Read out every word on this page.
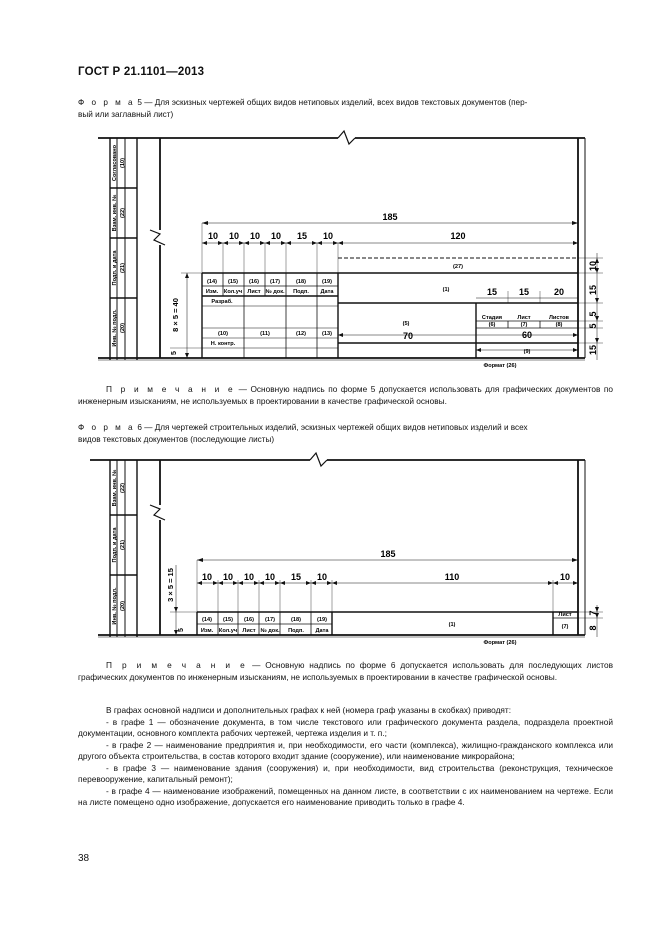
ГОСТ Р 21.1101—2013
Ф о р м а 5 — Для эскизных чертежей общих видов нетиповых изделий, всех видов текстовых документов (пер-
вый или заглавный лист)
Согласовано (10)
Взам. инв. № (22)
Подп. и дата (21)
Инв. № подл. (20)
185
10 10 10 10 15 10	120
15 15	20
70	60
10
15
5
5
15
8 × 5 = 40
5
(14) (15) (16) (17)	(18)	(19)
Изм. Кол.уч Лист № док. Подп. Дата
Разраб.
(10)	(11)	(12)	(13)
Н. контр.
(1)
(27)
(5)
Стадия	Лист	Листов
(6)	(7)	(8)
(9)
Формат (26)
П р и м е ч а н и е — Основную надпись по форме 5 допускается использовать для графических документов по инженерным изысканиям, не используемых в проектировании в качестве графической основы.
Ф о р м а 6 — Для чертежей строительных изделий, эскизных чертежей общих видов нетиповых изделий и всех
видов текстовых документов (последующие листы)
Взам. инв. № (22)
Подп. и дата (21)
Инв. № подл. (20)
185
10 10 10 10 15 10	110	10
7
8
3 × 5 = 15
5
(14) (15) (16) (17)	(18)	(19)
Изм. Кол.уч Лист № док. Подп. Дата
(1)
Лист
(7)
Формат (26)
П р и м е ч а н и е — Основную надпись по форме 6 допускается использовать для последующих листов графических документов по инженерным изысканиям, не используемых в проектировании в качестве графической основы.

В графах основной надписи и дополнительных графах к ней (номера граф указаны в скобках) приводят:

- в графе 1 — обозначение документа, в том числе текстового или графического документа раздела, подраздела проектной документации, основного комплекта рабочих чертежей, чертежа изделия и т. п.;

- в графе 2 — наименование предприятия и, при необходимости, его части (комплекса), жилищно-гражданского комплекса или другого объекта строительства, в состав которого входит здание (сооружение), или наименование микрорайона;

- в графе 3 — наименование здания (сооружения) и, при необходимости, вид строительства (реконструкция, техническое перевооружение, капитальный ремонт);

- в графе 4 — наименование изображений, помещенных на данном листе, в соответствии с их наименованием на чертеже. Если на листе помещено одно изображение, допускается его наименование приводить только в графе 4.

38
